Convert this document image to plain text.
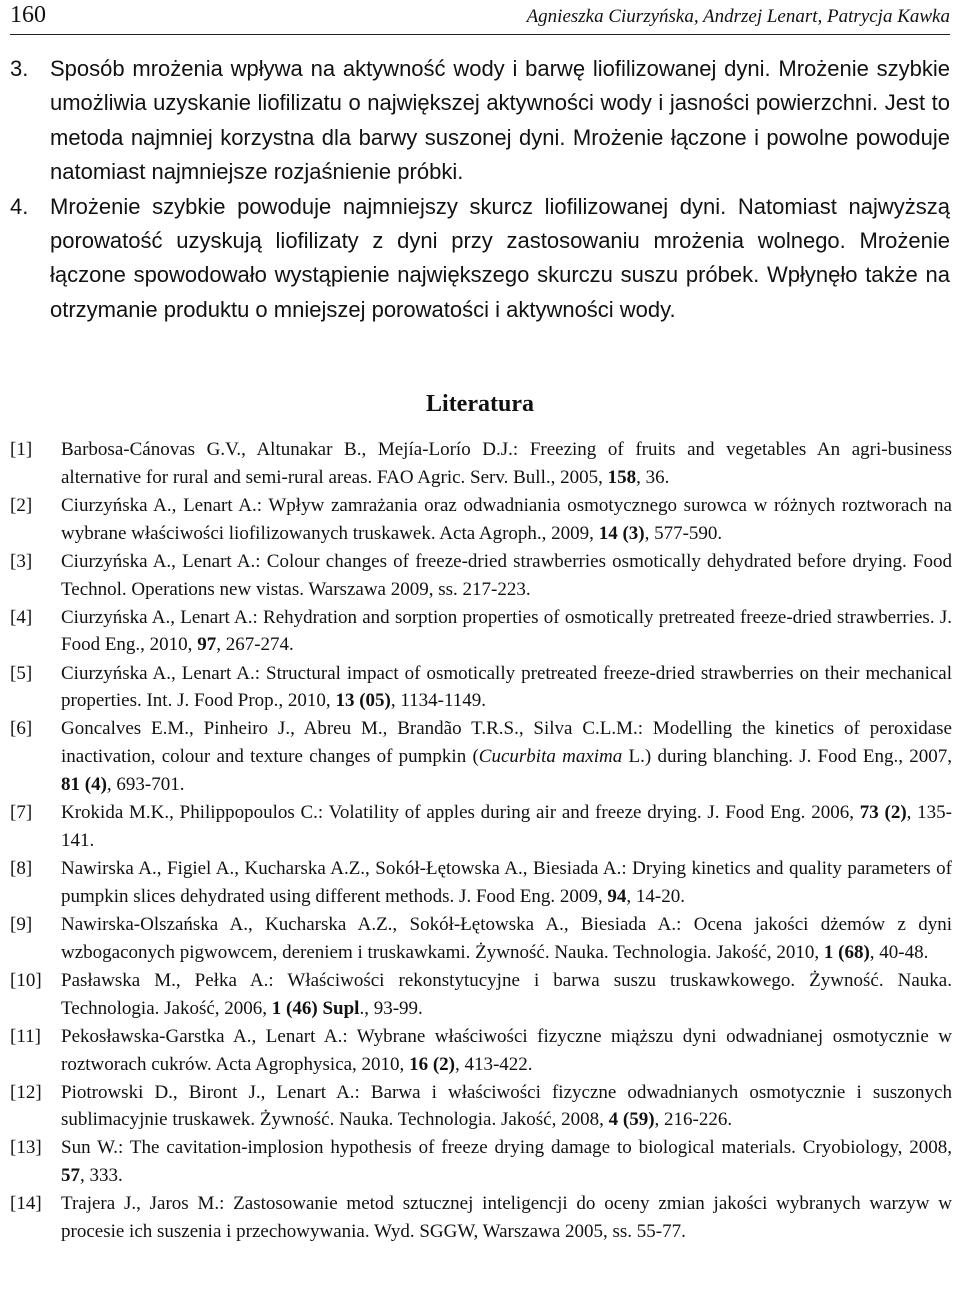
160	Agnieszka Ciurzyńska, Andrzej Lenart, Patrycja Kawka
3. Sposób mrożenia wpływa na aktywność wody i barwę liofilizowanej dyni. Mrożenie szybkie umożliwia uzyskanie liofilizatu o największej aktywności wody i jasności powierzchni. Jest to metoda najmniej korzystna dla barwy suszonej dyni. Mrożenie łączone i powolne powoduje natomiast najmniejsze rozjaśnienie próbki.
4. Mrożenie szybkie powoduje najmniejszy skurcz liofilizowanej dyni. Natomiast najwyższą porowatość uzyskują liofilizaty z dyni przy zastosowaniu mrożenia wolnego. Mrożenie łączone spowodowało wystąpienie największego skurczu suszu próbek. Wpłynęło także na otrzymanie produktu o mniejszej porowatości i aktywności wody.
Literatura
[1] Barbosa-Cánovas G.V., Altunakar B., Mejía-Lorío D.J.: Freezing of fruits and vegetables An agri-business alternative for rural and semi-rural areas. FAO Agric. Serv. Bull., 2005, 158, 36.
[2] Ciurzyńska A., Lenart A.: Wpływ zamrażania oraz odwadniania osmotycznego surowca w różnych roztworach na wybrane właściwości liofilizowanych truskawek. Acta Agroph., 2009, 14 (3), 577-590.
[3] Ciurzyńska A., Lenart A.: Colour changes of freeze-dried strawberries osmotically dehydrated before drying. Food Technol. Operations new vistas. Warszawa 2009, ss. 217-223.
[4] Ciurzyńska A., Lenart A.: Rehydration and sorption properties of osmotically pretreated freeze-dried strawberries. J. Food Eng., 2010, 97, 267-274.
[5] Ciurzyńska A., Lenart A.: Structural impact of osmotically pretreated freeze-dried strawberries on their mechanical properties. Int. J. Food Prop., 2010, 13 (05), 1134-1149.
[6] Goncalves E.M., Pinheiro J., Abreu M., Brandão T.R.S., Silva C.L.M.: Modelling the kinetics of peroxidase inactivation, colour and texture changes of pumpkin (Cucurbita maxima L.) during blanching. J. Food Eng., 2007, 81 (4), 693-701.
[7] Krokida M.K., Philippopoulos C.: Volatility of apples during air and freeze drying. J. Food Eng. 2006, 73 (2), 135-141.
[8] Nawirska A., Figiel A., Kucharska A.Z., Sokół-Łętowska A., Biesiada A.: Drying kinetics and quality parameters of pumpkin slices dehydrated using different methods. J. Food Eng. 2009, 94, 14-20.
[9] Nawirska-Olszańska A., Kucharska A.Z., Sokół-Łętowska A., Biesiada A.: Ocena jakości dżemów z dyni wzbogaconych pigwowcem, dereniem i truskawkami. Żywność. Nauka. Technologia. Jakość, 2010, 1 (68), 40-48.
[10] Pasławska M., Pełka A.: Właściwości rekonstytucyjne i barwa suszu truskawkowego. Żywność. Nauka. Technologia. Jakość, 2006, 1 (46) Supl., 93-99.
[11] Pekosławska-Garstka A., Lenart A.: Wybrane właściwości fizyczne miąższu dyni odwadnianej osmotycznie w roztworach cukrów. Acta Agrophysica, 2010, 16 (2), 413-422.
[12] Piotrowski D., Biront J., Lenart A.: Barwa i właściwości fizyczne odwadnianych osmotycznie i suszonych sublimacyjnie truskawek. Żywność. Nauka. Technologia. Jakość, 2008, 4 (59), 216-226.
[13] Sun W.: The cavitation-implosion hypothesis of freeze drying damage to biological materials. Cryobiology, 2008, 57, 333.
[14] Trajera J., Jaros M.: Zastosowanie metod sztucznej inteligencji do oceny zmian jakości wybranych warzyw w procesie ich suszenia i przechowywania. Wyd. SGGW, Warszawa 2005, ss. 55-77.
